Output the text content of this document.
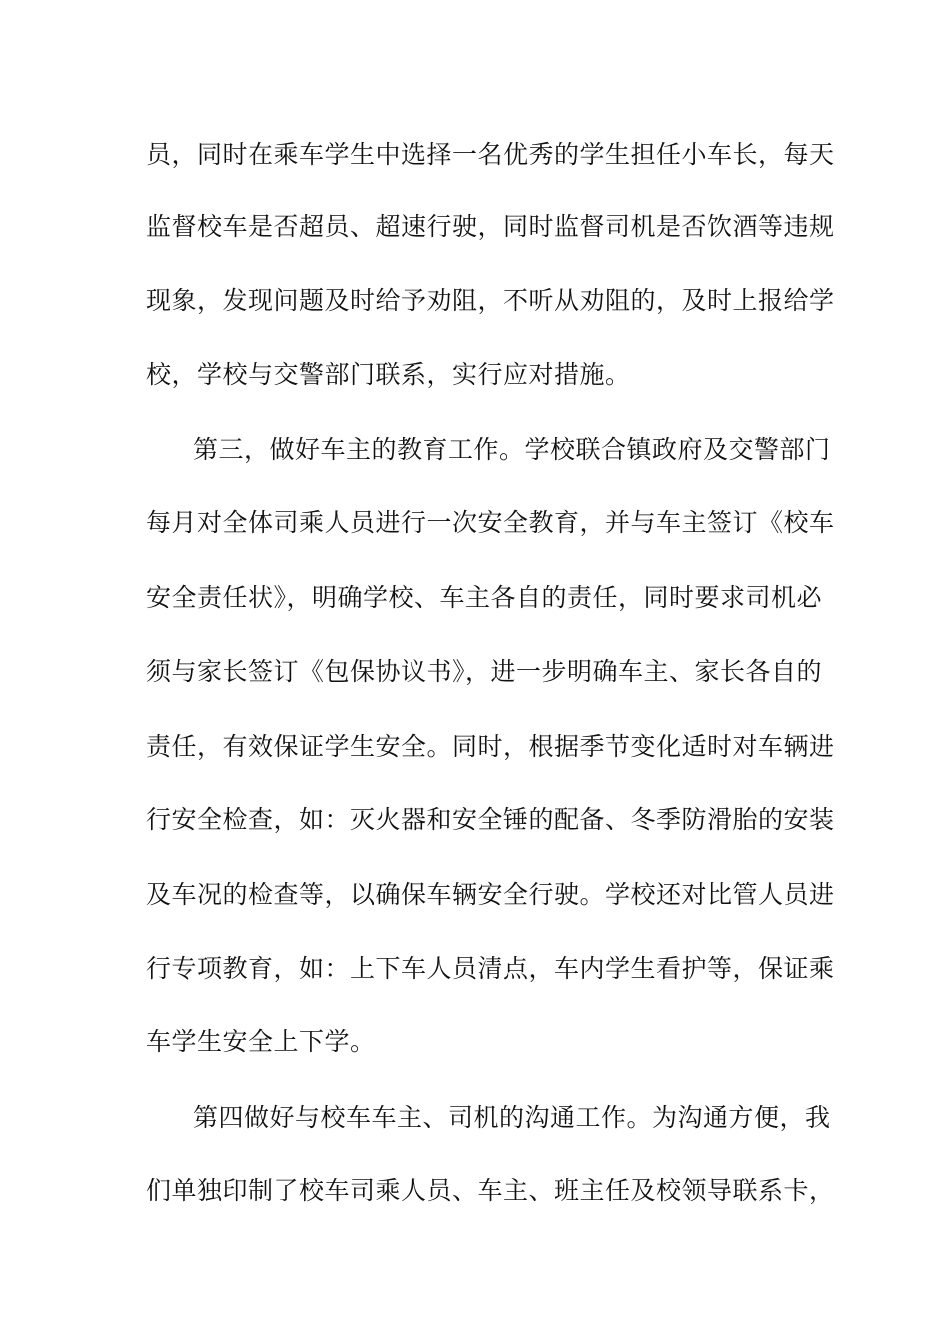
员，同时在乘车学生中选择一名优秀的学生担任小车长，每天
监督校车是否超员、超速行驶，同时监督司机是否饮酒等违规
现象，发现问题及时给予劝阻，不听从劝阻的，及时上报给学
校，学校与交警部门联系，实行应对措施。
第三，做好车主的教育工作。学校联合镇政府及交警部门
每月对全体司乘人员进行一次安全教育，并与车主签订《校车
安全责任状》，明确学校、车主各自的责任，同时要求司机必
须与家长签订《包保协议书》，进一步明确车主、家长各自的
责任，有效保证学生安全。同时，根据季节变化适时对车辆进
行安全检查，如：灭火器和安全锤的配备、冬季防滑胎的安装
及车况的检查等，以确保车辆安全行驶。学校还对比管人员进
行专项教育，如：上下车人员清点，车内学生看护等，保证乘
车学生安全上下学。
第四做好与校车车主、司机的沟通工作。为沟通方便，我
们单独印制了校车司乘人员、车主、班主任及校领导联系卡，
